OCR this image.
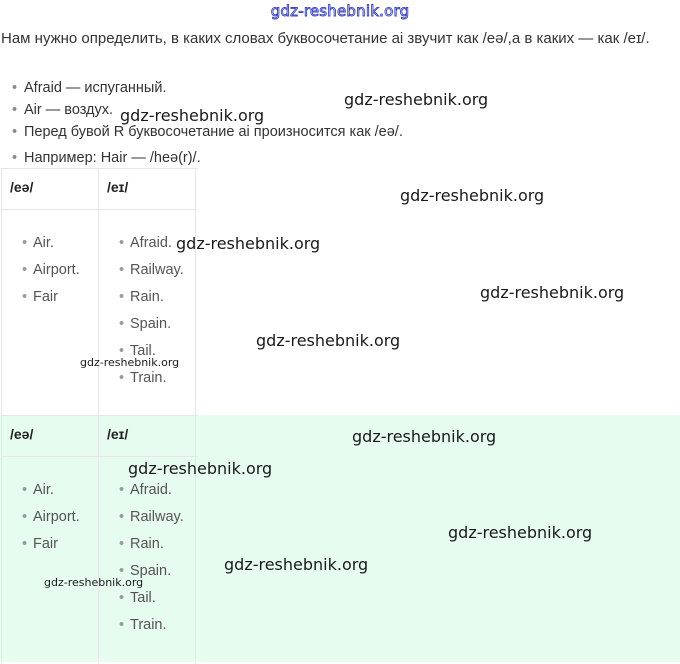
gdz-reshebnik.org
Нам нужно определить, в каких словах буквосочетание ai звучит как /eə/,а в каких — как /eɪ/.
• Afraid — испуганный.
• Air — воздух.
• Перед бувой R буквосочетание ai произносится как /eə/.
• Например: Hair — /heə(r)/.
/eə/	/eɪ/
• Air.
• Airport.
• Fair
• Afraid.
• Railway.
• Rain.
• Spain.
• Tail.
• Train.
/eə/	/eɪ/
• Air.
• Airport.
• Fair
• Afraid.
• Railway.
• Rain.
• Spain.
• Tail.
• Train.
gdz-reshebnik.org
gdz-reshebnik.org
gdz-reshebnik.org
gdz-reshebnik.org
gdz-reshebnik.org
gdz-reshebnik.org
gdz-reshebnik.org
gdz-reshebnik.org
gdz-reshebnik.org
gdz-reshebnik.org
gdz-reshebnik.org
gdz-reshebnik.org
